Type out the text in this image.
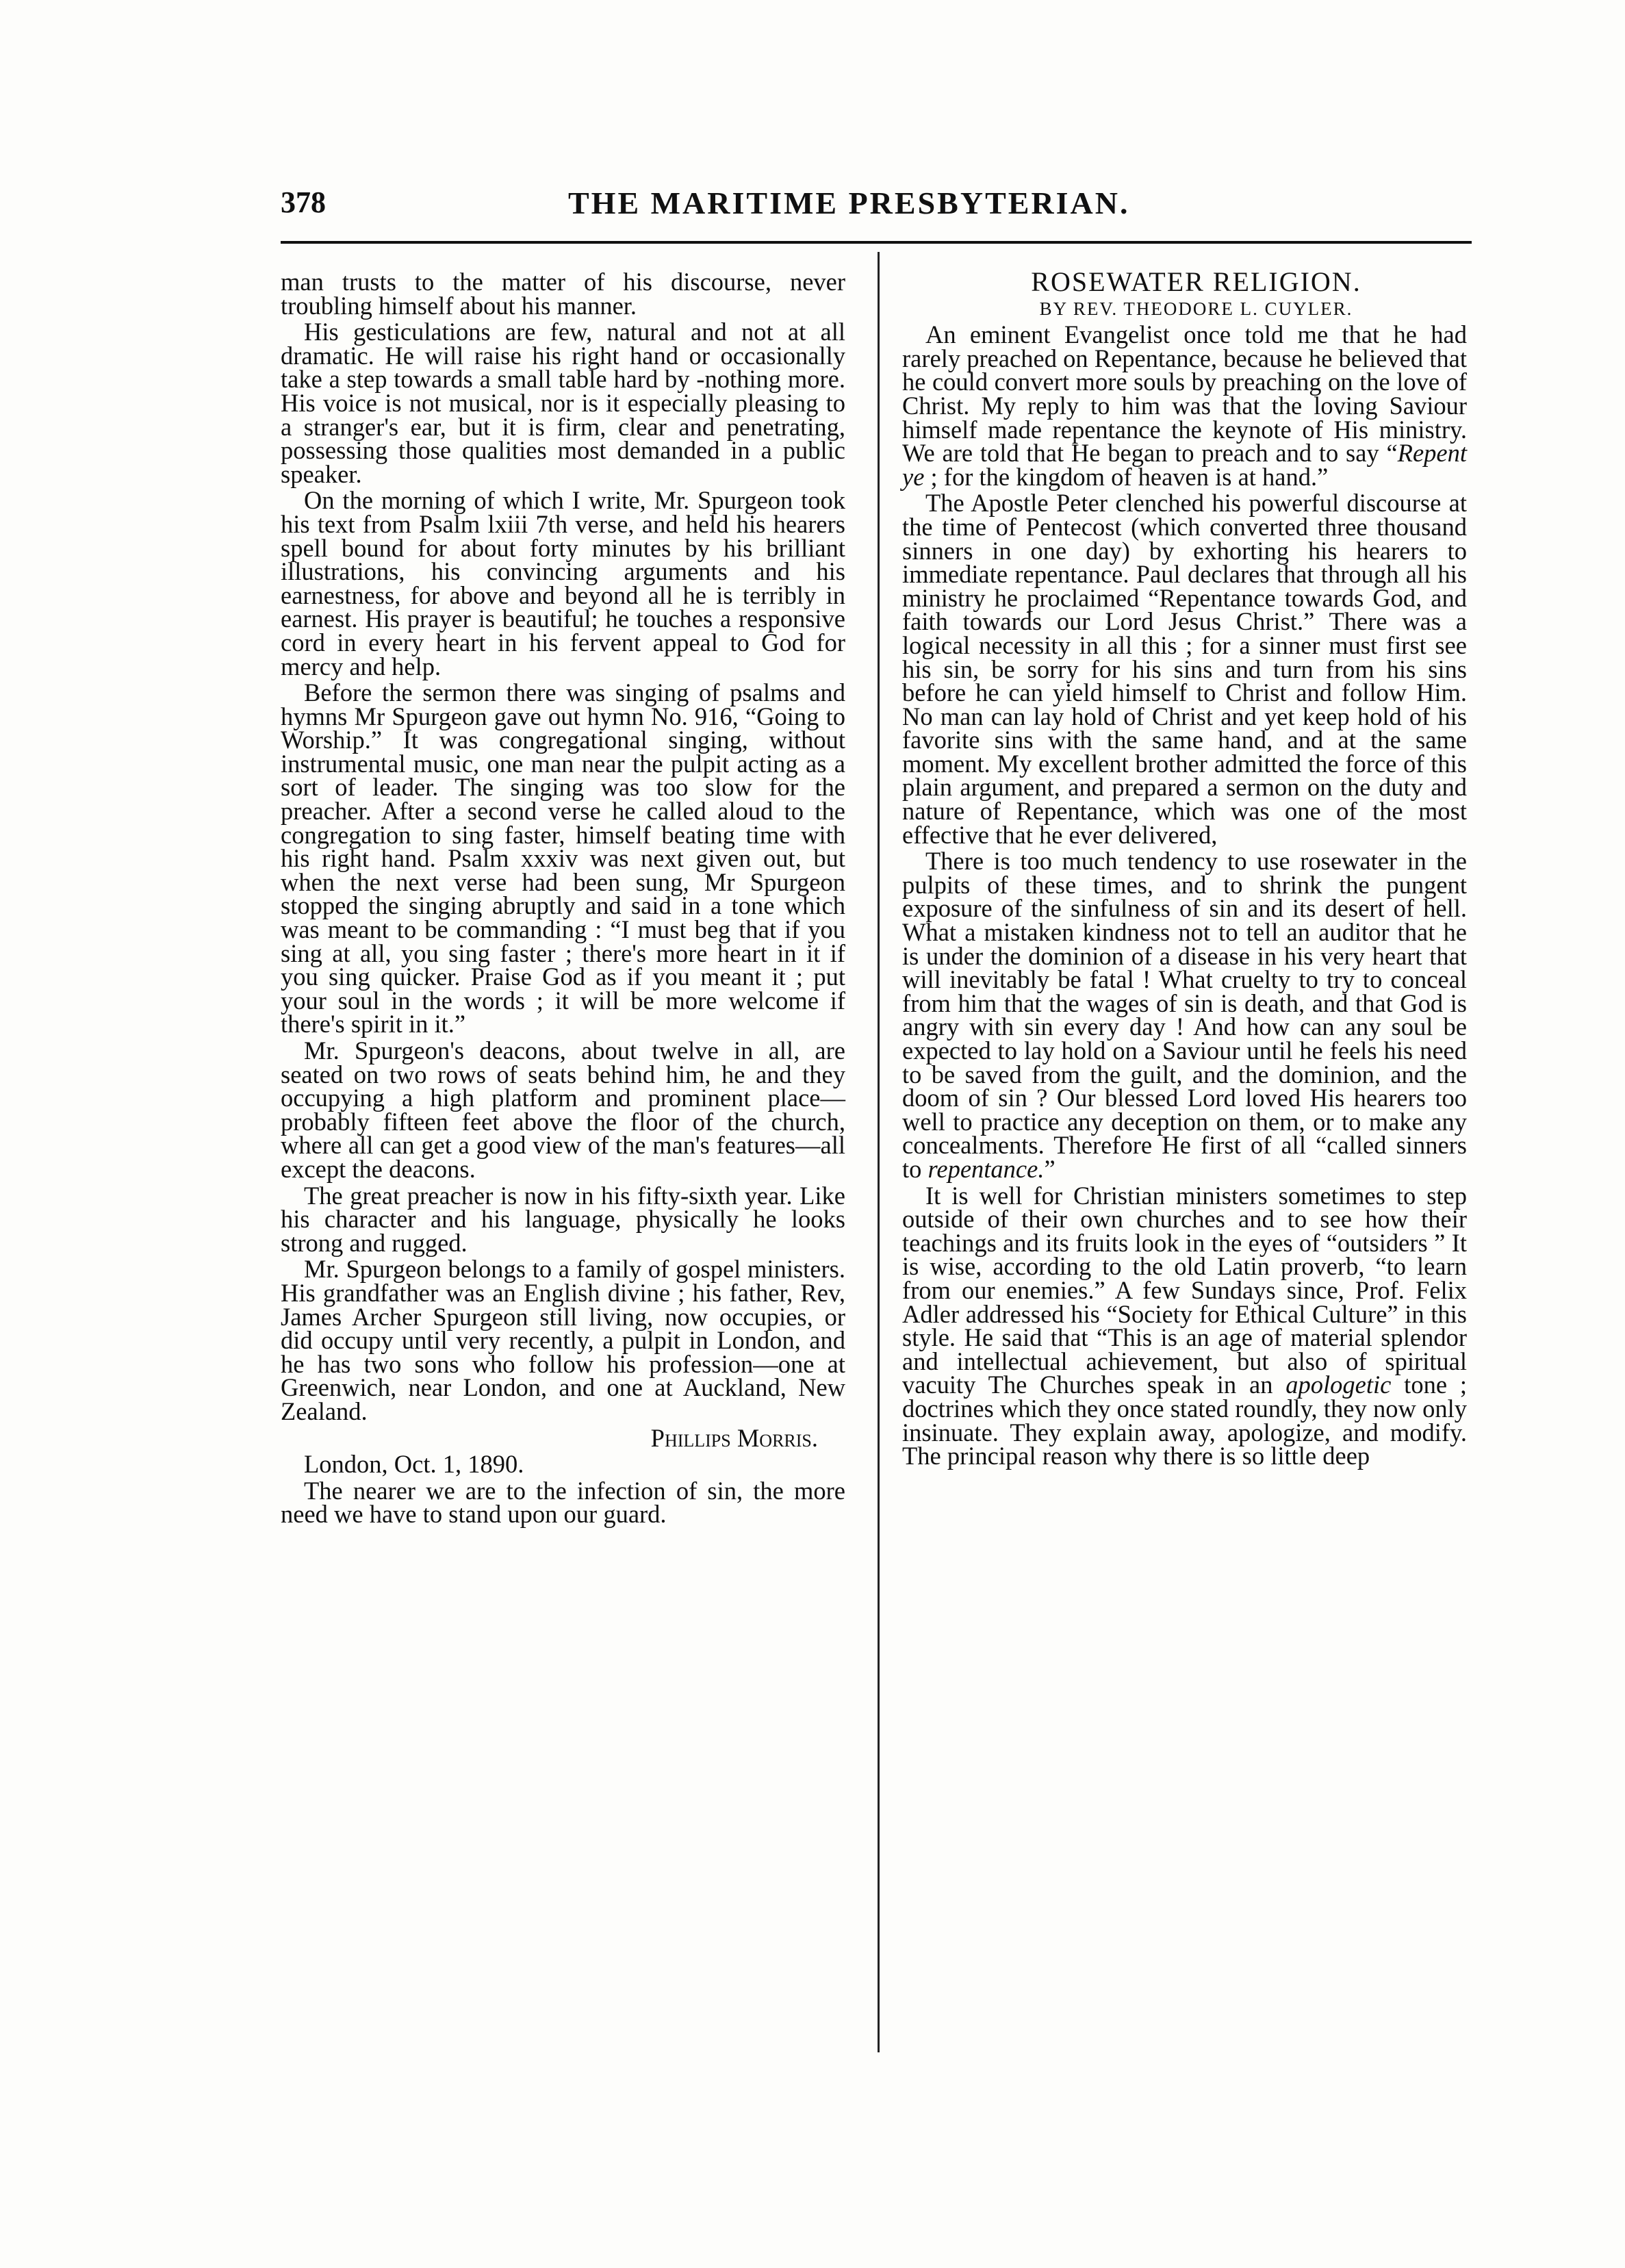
378	THE MARITIME PRESBYTERIAN.

man trusts to the matter of his discourse, never troubling himself about his manner.

His gesticulations are few, natural and not at all dramatic. He will raise his right hand or occasionally take a step towards a small table hard by -nothing more. His voice is not musical, nor is it especially pleasing to a stranger's ear, but it is firm, clear and penetrating, possessing those qualities most demanded in a public speaker.

On the morning of which I write, Mr. Spurgeon took his text from Psalm lxiii 7th verse, and held his hearers spell bound for about forty minutes by his brilliant illustrations, his convincing arguments and his earnestness, for above and beyond all he is terribly in earnest. His prayer is beautiful; he touches a responsive cord in every heart in his fervent appeal to God for mercy and help.

Before the sermon there was singing of psalms and hymns Mr Spurgeon gave out hymn No. 916, “Going to Worship.” It was congregational singing, without instrumental music, one man near the pulpit acting as a sort of leader. The singing was too slow for the preacher. After a second verse he called aloud to the congregation to sing faster, himself beating time with his right hand. Psalm xxxiv was next given out, but when the next verse had been sung, Mr Spurgeon stopped the singing abruptly and said in a tone which was meant to be commanding : “I must beg that if you sing at all, you sing faster ; there's more heart in it if you sing quicker. Praise God as if you meant it ; put your soul in the words ; it will be more welcome if there's spirit in it.”

Mr. Spurgeon's deacons, about twelve in all, are seated on two rows of seats behind him, he and they occupying a high platform and prominent place—probably fifteen feet above the floor of the church, where all can get a good view of the man's features—all except the deacons.

The great preacher is now in his fifty-sixth year. Like his character and his language, physically he looks strong and rugged.

Mr. Spurgeon belongs to a family of gospel ministers. His grandfather was an English divine ; his father, Rev, James Archer Spurgeon still living, now occupies, or did occupy until very recently, a pulpit in London, and he has two sons who follow his profession—one at Greenwich, near London, and one at Auckland, New Zealand.

Phillips Morris.

London, Oct. 1, 1890.

The nearer we are to the infection of sin, the more need we have to stand upon our guard.

ROSEWATER RELIGION.

BY REV. THEODORE L. CUYLER.

An eminent Evangelist once told me that he had rarely preached on Repentance, because he believed that he could convert more souls by preaching on the love of Christ. My reply to him was that the loving Saviour himself made repentance the keynote of His ministry. We are told that He began to preach and to say “Repent ye ; for the kingdom of heaven is at hand.”

The Apostle Peter clenched his powerful discourse at the time of Pentecost (which converted three thousand sinners in one day) by exhorting his hearers to immediate repentance. Paul declares that through all his ministry he proclaimed “Repentance towards God, and faith towards our Lord Jesus Christ.” There was a logical necessity in all this ; for a sinner must first see his sin, be sorry for his sins and turn from his sins before he can yield himself to Christ and follow Him. No man can lay hold of Christ and yet keep hold of his favorite sins with the same hand, and at the same moment. My excellent brother admitted the force of this plain argument, and prepared a sermon on the duty and nature of Repentance, which was one of the most effective that he ever delivered,

There is too much tendency to use rosewater in the pulpits of these times, and to shrink the pungent exposure of the sinfulness of sin and its desert of hell. What a mistaken kindness not to tell an auditor that he is under the dominion of a disease in his very heart that will inevitably be fatal ! What cruelty to try to conceal from him that the wages of sin is death, and that God is angry with sin every day ! And how can any soul be expected to lay hold on a Saviour until he feels his need to be saved from the guilt, and the dominion, and the doom of sin ? Our blessed Lord loved His hearers too well to practice any deception on them, or to make any concealments. Therefore He first of all “called sinners to repentance.”

It is well for Christian ministers sometimes to step outside of their own churches and to see how their teachings and its fruits look in the eyes of “outsiders ” It is wise, according to the old Latin proverb, “to learn from our enemies.” A few Sundays since, Prof. Felix Adler addressed his “Society for Ethical Culture” in this style. He said that “This is an age of material splendor and intellectual achievement, but also of spiritual vacuity The Churches speak in an apologetic tone ; doctrines which they once stated roundly, they now only insinuate. They explain away, apologize, and modify. The principal reason why there is so little deep
